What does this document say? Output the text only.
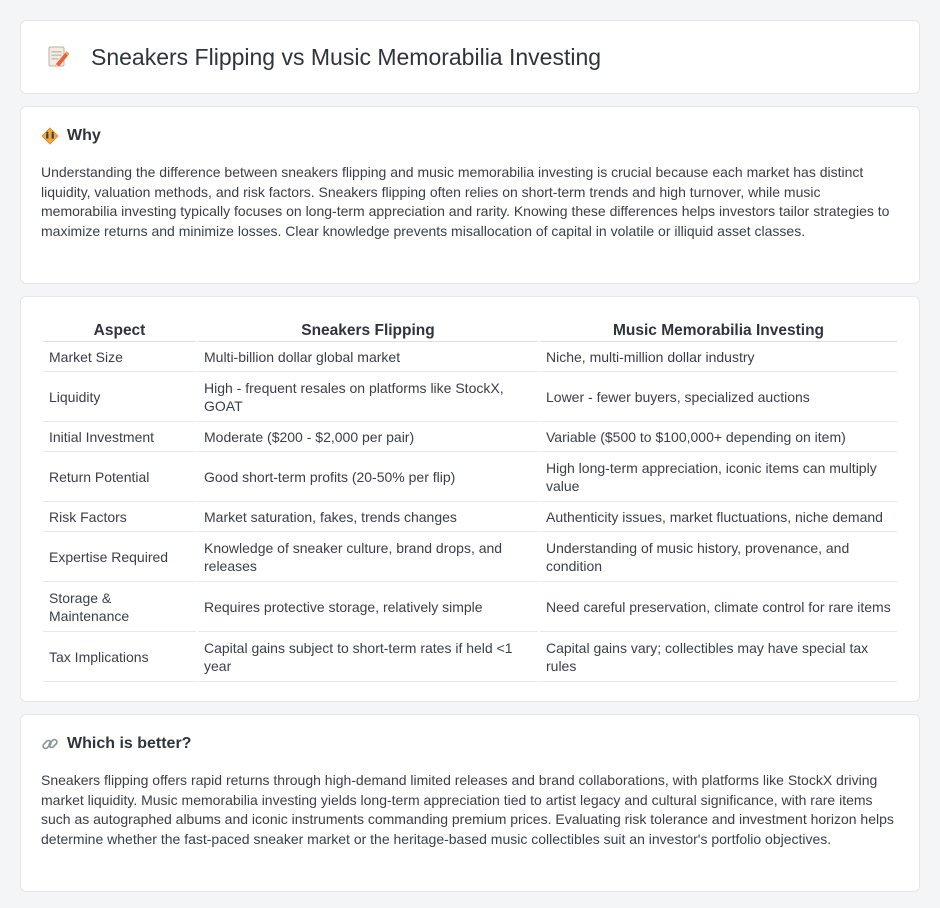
Sneakers Flipping vs Music Memorabilia Investing
Why

Understanding the difference between sneakers flipping and music memorabilia investing is crucial because each market has distinct liquidity, valuation methods, and risk factors. Sneakers flipping often relies on short-term trends and high turnover, while music memorabilia investing typically focuses on long-term appreciation and rarity. Knowing these differences helps investors tailor strategies to maximize returns and minimize losses. Clear knowledge prevents misallocation of capital in volatile or illiquid asset classes.

Aspect	Sneakers Flipping	Music Memorabilia Investing
Market Size	Multi-billion dollar global market	Niche, multi-million dollar industry
Liquidity	High - frequent resales on platforms like StockX, GOAT	Lower - fewer buyers, specialized auctions
Initial Investment	Moderate ($200 - $2,000 per pair)	Variable ($500 to $100,000+ depending on item)
Return Potential	Good short-term profits (20-50% per flip)	High long-term appreciation, iconic items can multiply value
Risk Factors	Market saturation, fakes, trends changes	Authenticity issues, market fluctuations, niche demand
Expertise Required	Knowledge of sneaker culture, brand drops, and releases	Understanding of music history, provenance, and condition
Storage & Maintenance	Requires protective storage, relatively simple	Need careful preservation, climate control for rare items
Tax Implications	Capital gains subject to short-term rates if held <1 year	Capital gains vary; collectibles may have special tax rules
Which is better?

Sneakers flipping offers rapid returns through high-demand limited releases and brand collaborations, with platforms like StockX driving market liquidity. Music memorabilia investing yields long-term appreciation tied to artist legacy and cultural significance, with rare items such as autographed albums and iconic instruments commanding premium prices. Evaluating risk tolerance and investment horizon helps determine whether the fast-paced sneaker market or the heritage-based music collectibles suit an investor's portfolio objectives.
